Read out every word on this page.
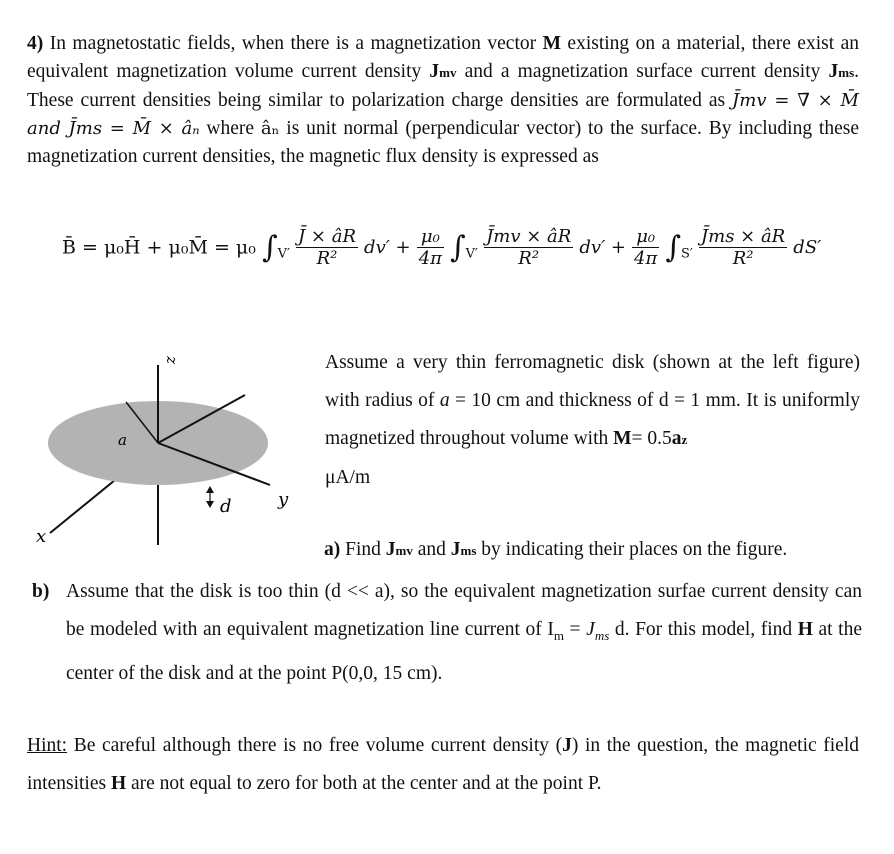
4) In magnetostatic fields, when there is a magnetization vector M existing on a material, there exist an equivalent magnetization volume current density Jmv and a magnetization surface current density Jms. These current densities being similar to polarization charge densities are formulated as J̄mv = ∇̄ × M̄ and J̄ms = M̄ × âₙ where âₙ is unit normal (perpendicular vector) to the surface. By including these magnetization current densities, the magnetic flux density is expressed as
B̄ = μ₀H̄ + μ₀M̄ = μ₀ $\int_{V'} \frac{J̄ \times âR}{\text{R²}} dv' + \frac{\text{μ₀}}{4\pi} \int_{V'} \frac{J̄mv \times âR}{\text{R²}} dv' + \frac{\text{μ₀}}{4\pi} \int_{S'} \frac{J̄ms \times âR}{\text{R²}} dS'$
z
a
d	y
x
Assume a very thin ferromagnetic disk (shown at the left figure) with radius of a = 10 cm and thickness of d = 1 mm. It is uniformly magnetized throughout volume with M= 0.5az
μA/m
a) Find Jmv and Jms by indicating their places on the figure.
b) Assume that the disk is too thin (d << a), so the equivalent magnetization surfae current density can be modeled with an equivalent magnetization line current of $I_m = J_{ms}$ d. For this model, find H at the center of the disk and at the point P(0,0, 15 cm).
Hint: Be careful although there is no free volume current density (J) in the question, the magnetic field intensities H are not equal to zero for both at the center and at the point P.
